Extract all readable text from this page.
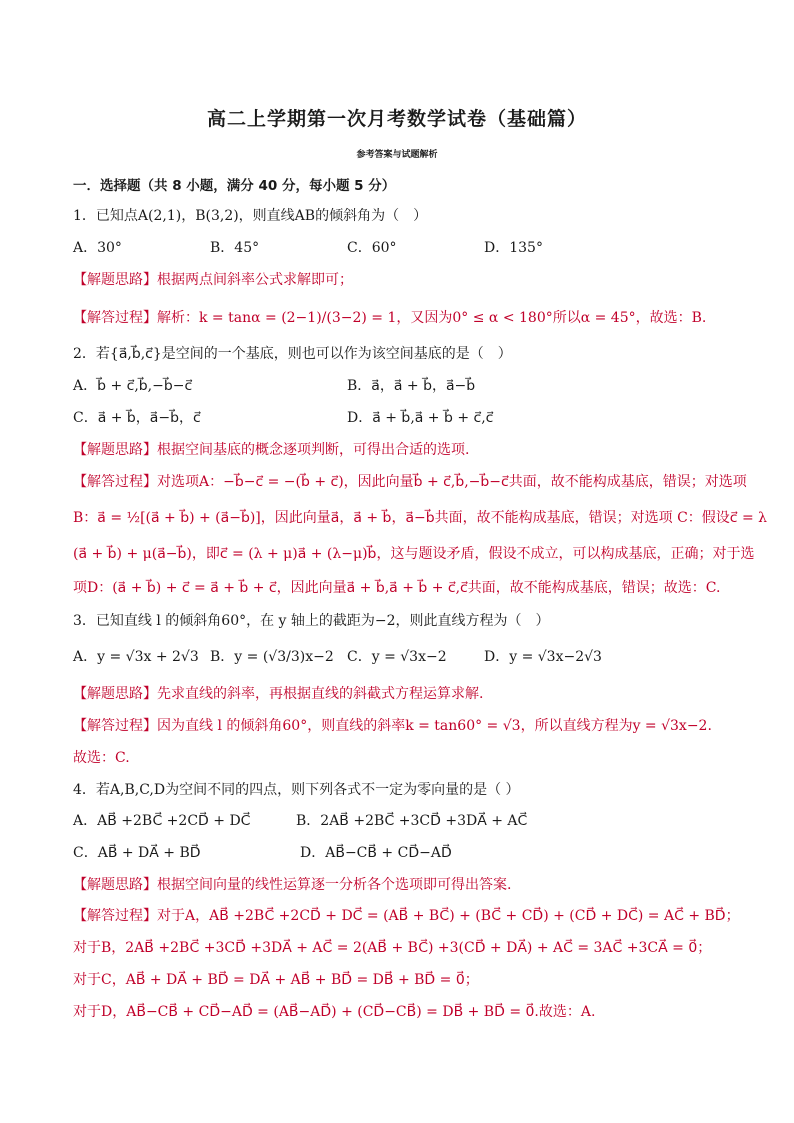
高二上学期第一次月考数学试卷（基础篇）
参考答案与试题解析
一．选择题（共 8 小题，满分 40 分，每小题 5 分）
1．已知点A(2,1)，B(3,2)，则直线AB的倾斜角为（　）
A．30°	B．45°	C．60°	D．135°
【解题思路】根据两点间斜率公式求解即可；
【解答过程】解析：k = tanα = (2−1)/(3−2) = 1，又因为0° ≤ α < 180°所以α = 45°，故选：B.
2．若{a⃗,b⃗,c⃗}是空间的一个基底，则也可以作为该空间基底的是（　）
A．b⃗ + c⃗,b⃗,−b⃗−c⃗	B．a⃗，a⃗ + b⃗，a⃗−b⃗
C．a⃗ + b⃗，a⃗−b⃗，c⃗	D．a⃗ + b⃗,a⃗ + b⃗ + c⃗,c⃗
【解题思路】根据空间基底的概念逐项判断，可得出合适的选项.
【解答过程】对选项A：−b⃗−c⃗ = −(b⃗ + c⃗)，因此向量b⃗ + c⃗,b⃗,−b⃗−c⃗共面，故不能构成基底，错误；对选项
B：a⃗ = ½[(a⃗ + b⃗) + (a⃗−b⃗)]，因此向量a⃗，a⃗ + b⃗，a⃗−b⃗共面，故不能构成基底，错误；对选项 C：假设c⃗ = λ
(a⃗ + b⃗) + μ(a⃗−b⃗)，即c⃗ = (λ + μ)a⃗ + (λ−μ)b⃗，这与题设矛盾，假设不成立，可以构成基底，正确；对于选
项D：(a⃗ + b⃗) + c⃗ = a⃗ + b⃗ + c⃗，因此向量a⃗ + b⃗,a⃗ + b⃗ + c⃗,c⃗共面，故不能构成基底，错误；故选：C.
3．已知直线 l 的倾斜角60°，在 y 轴上的截距为−2，则此直线方程为（　）
A．y = √3x + 2√3 B．y = (√3/3)x−2 C．y = √3x−2	D．y = √3x−2√3
【解题思路】先求直线的斜率，再根据直线的斜截式方程运算求解.
【解答过程】因为直线 l 的倾斜角60°，则直线的斜率k = tan60° = √3，所以直线方程为y = √3x−2.
故选：C.
4．若A,B,C,D为空间不同的四点，则下列各式不一定为零向量的是（ ）
A．AB⃗ +2BC⃗ +2CD⃗ + DC⃗	B．2AB⃗ +2BC⃗ +3CD⃗ +3DA⃗ + AC⃗
C．AB⃗ + DA⃗ + BD⃗	D．AB⃗−CB⃗ + CD⃗−AD⃗
【解题思路】根据空间向量的线性运算逐一分析各个选项即可得出答案.
【解答过程】对于A，AB⃗ +2BC⃗ +2CD⃗ + DC⃗ = (AB⃗ + BC⃗) + (BC⃗ + CD⃗) + (CD⃗ + DC⃗) = AC⃗ + BD⃗；
对于B，2AB⃗ +2BC⃗ +3CD⃗ +3DA⃗ + AC⃗ = 2(AB⃗ + BC⃗) +3(CD⃗ + DA⃗) + AC⃗ = 3AC⃗ +3CA⃗ = 0⃗；
对于C，AB⃗ + DA⃗ + BD⃗ = DA⃗ + AB⃗ + BD⃗ = DB⃗ + BD⃗ = 0⃗；
对于D，AB⃗−CB⃗ + CD⃗−AD⃗ = (AB⃗−AD⃗) + (CD⃗−CB⃗) = DB⃗ + BD⃗ = 0⃗.故选：A.
